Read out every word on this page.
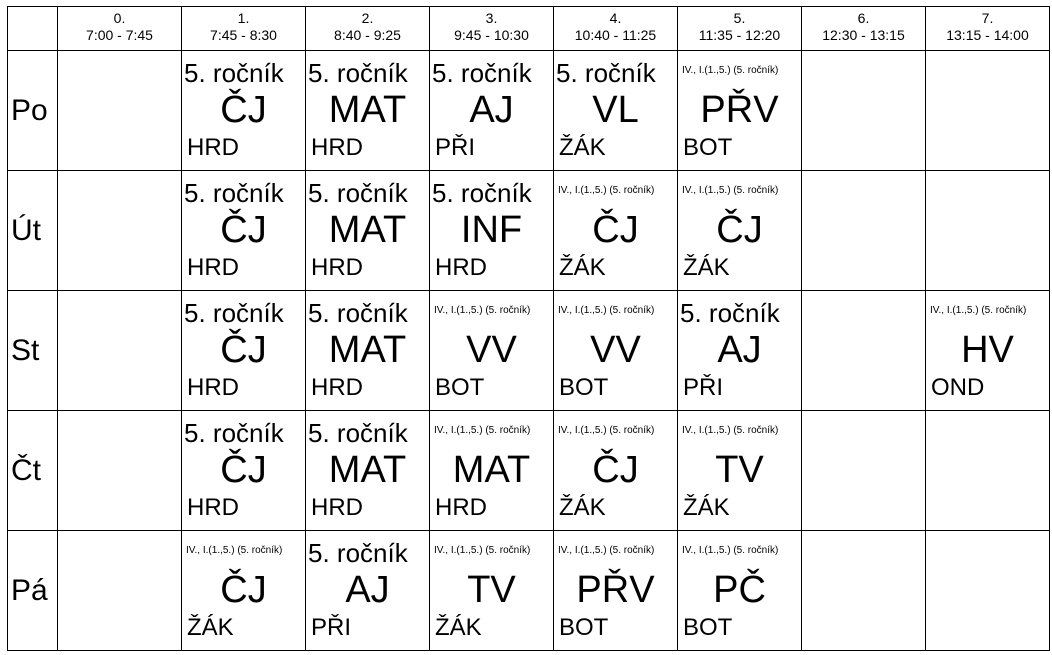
0.
7:00 - 7:45
1.
7:45 - 8:30
2.
8:40 - 9:25
3.
9:45 - 10:30
4.
10:40 - 11:25
5.
11:35 - 12:20
6.
12:30 - 13:15
7.
13:15 - 14:00
Po
5. ročník
ČJ
HRD
5. ročník
MAT
HRD
5. ročník
AJ
PŘI
5. ročník
VL
ŽÁK
IV., I.(1.,5.) (5. ročník)
PŘV
BOT
Út
5. ročník
ČJ
HRD
5. ročník
MAT
HRD
5. ročník
INF
HRD
IV., I.(1.,5.) (5. ročník)
ČJ
ŽÁK
IV., I.(1.,5.) (5. ročník)
ČJ
ŽÁK
St
5. ročník
ČJ
HRD
5. ročník
MAT
HRD
IV., I.(1.,5.) (5. ročník)
VV
BOT
IV., I.(1.,5.) (5. ročník)
VV
BOT
5. ročník
AJ
PŘI
IV., I.(1.,5.) (5. ročník)
HV
OND
Čt
5. ročník
ČJ
HRD
5. ročník
MAT
HRD
IV., I.(1.,5.) (5. ročník)
MAT
HRD
IV., I.(1.,5.) (5. ročník)
ČJ
ŽÁK
IV., I.(1.,5.) (5. ročník)
TV
ŽÁK
Pá
IV., I.(1.,5.) (5. ročník)
ČJ
ŽÁK
5. ročník
AJ
PŘI
IV., I.(1.,5.) (5. ročník)
TV
ŽÁK
IV., I.(1.,5.) (5. ročník)
PŘV
BOT
IV., I.(1.,5.) (5. ročník)
PČ
BOT
